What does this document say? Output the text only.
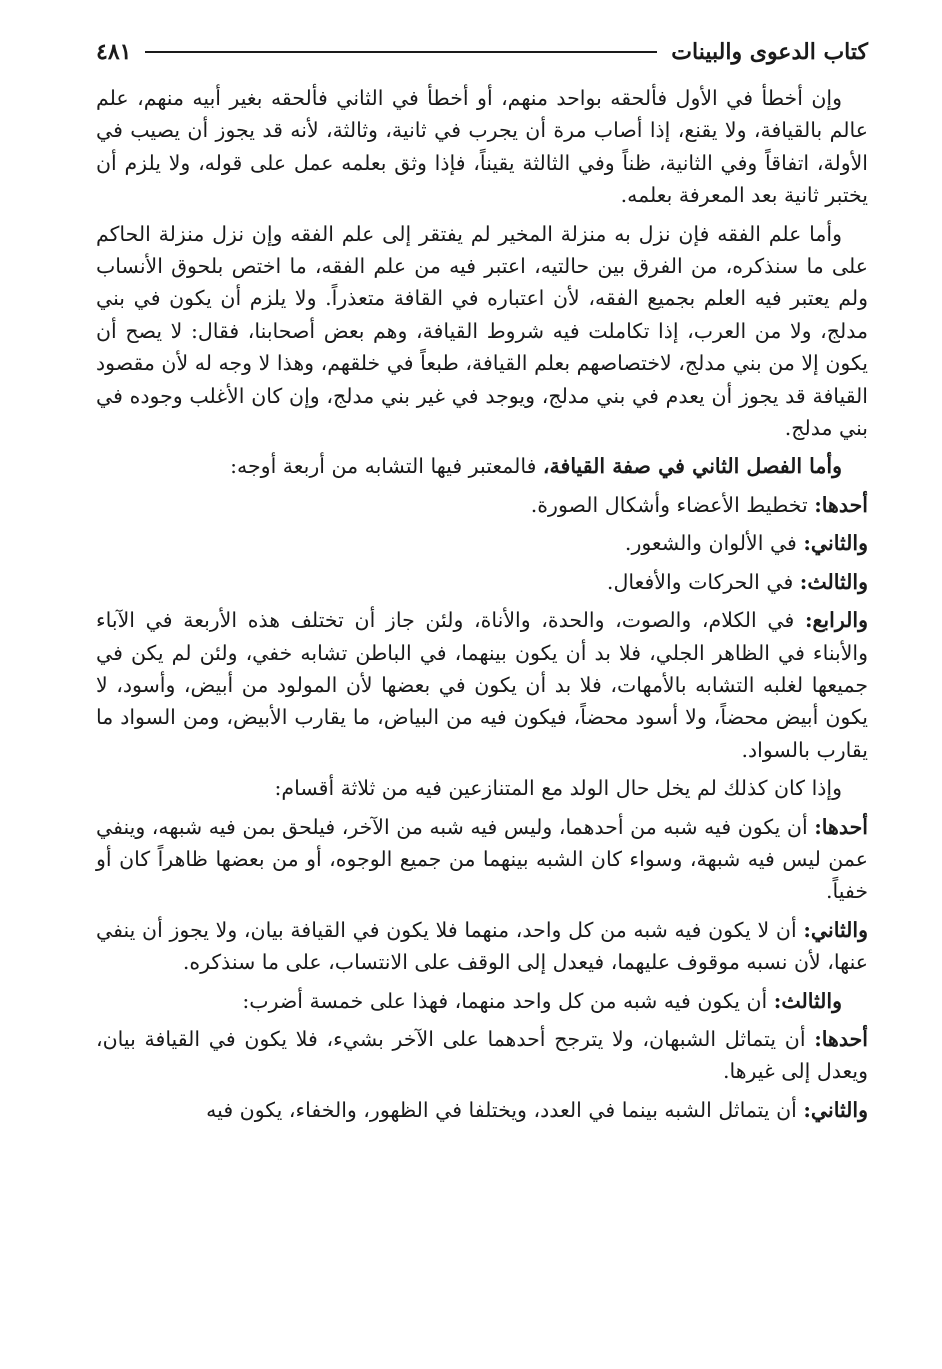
كتاب الدعوى والبينات
٤٨١

وإن أخطأ في الأول فألحقه بواحد منهم، أو أخطأ في الثاني فألحقه بغير أبيه منهم، علم عالم بالقيافة، ولا يقنع، إذا أصاب مرة أن يجرب في ثانية، وثالثة، لأنه قد يجوز أن يصيب في الأولة، اتفاقاً وفي الثانية، ظناً وفي الثالثة يقيناً، فإذا وثق بعلمه عمل على قوله، ولا يلزم أن يختبر ثانية بعد المعرفة بعلمه.

وأما علم الفقه فإن نزل به منزلة المخير لم يفتقر إلى علم الفقه وإن نزل منزلة الحاكم على ما سنذكره، من الفرق بين حالتيه، اعتبر فيه من علم الفقه، ما اختص بلحوق الأنساب ولم يعتبر فيه العلم بجميع الفقه، لأن اعتباره في القافة متعذراً. ولا يلزم أن يكون في بني مدلج، ولا من العرب، إذا تكاملت فيه شروط القيافة، وهم بعض أصحابنا، فقال: لا يصح أن يكون إلا من بني مدلج، لاختصاصهم بعلم القيافة، طبعاً في خلقهم، وهذا لا وجه له لأن مقصود القيافة قد يجوز أن يعدم في بني مدلج، ويوجد في غير بني مدلج، وإن كان الأغلب وجوده في بني مدلج.

وأما الفصل الثاني في صفة القيافة، فالمعتبر فيها التشابه من أربعة أوجه:

أحدها: تخطيط الأعضاء وأشكال الصورة.

والثاني: في الألوان والشعور.

والثالث: في الحركات والأفعال.

والرابع: في الكلام، والصوت، والحدة، والأناة، ولئن جاز أن تختلف هذه الأربعة في الآباء والأبناء في الظاهر الجلي، فلا بد أن يكون بينهما، في الباطن تشابه خفي، ولئن لم يكن في جميعها لغلبه التشابه بالأمهات، فلا بد أن يكون في بعضها لأن المولود من أبيض، وأسود، لا يكون أبيض محضاً، ولا أسود محضاً، فيكون فيه من البياض، ما يقارب الأبيض، ومن السواد ما يقارب بالسواد.

وإذا كان كذلك لم يخل حال الولد مع المتنازعين فيه من ثلاثة أقسام:

أحدها: أن يكون فيه شبه من أحدهما، وليس فيه شبه من الآخر، فيلحق بمن فيه شبهه، وينفي عمن ليس فيه شبهة، وسواء كان الشبه بينهما من جميع الوجوه، أو من بعضها ظاهراً كان أو خفياً.

والثاني: أن لا يكون فيه شبه من كل واحد، منهما فلا يكون في القيافة بيان، ولا يجوز أن ينفي عنها، لأن نسبه موقوف عليهما، فيعدل إلى الوقف على الانتساب، على ما سنذكره.

والثالث: أن يكون فيه شبه من كل واحد منهما، فهذا على خمسة أضرب:

أحدها: أن يتماثل الشبهان، ولا يترجح أحدهما على الآخر بشيء، فلا يكون في القيافة بيان، ويعدل إلى غيرها.

والثاني: أن يتماثل الشبه بينما في العدد، ويختلفا في الظهور، والخفاء، يكون فيه
